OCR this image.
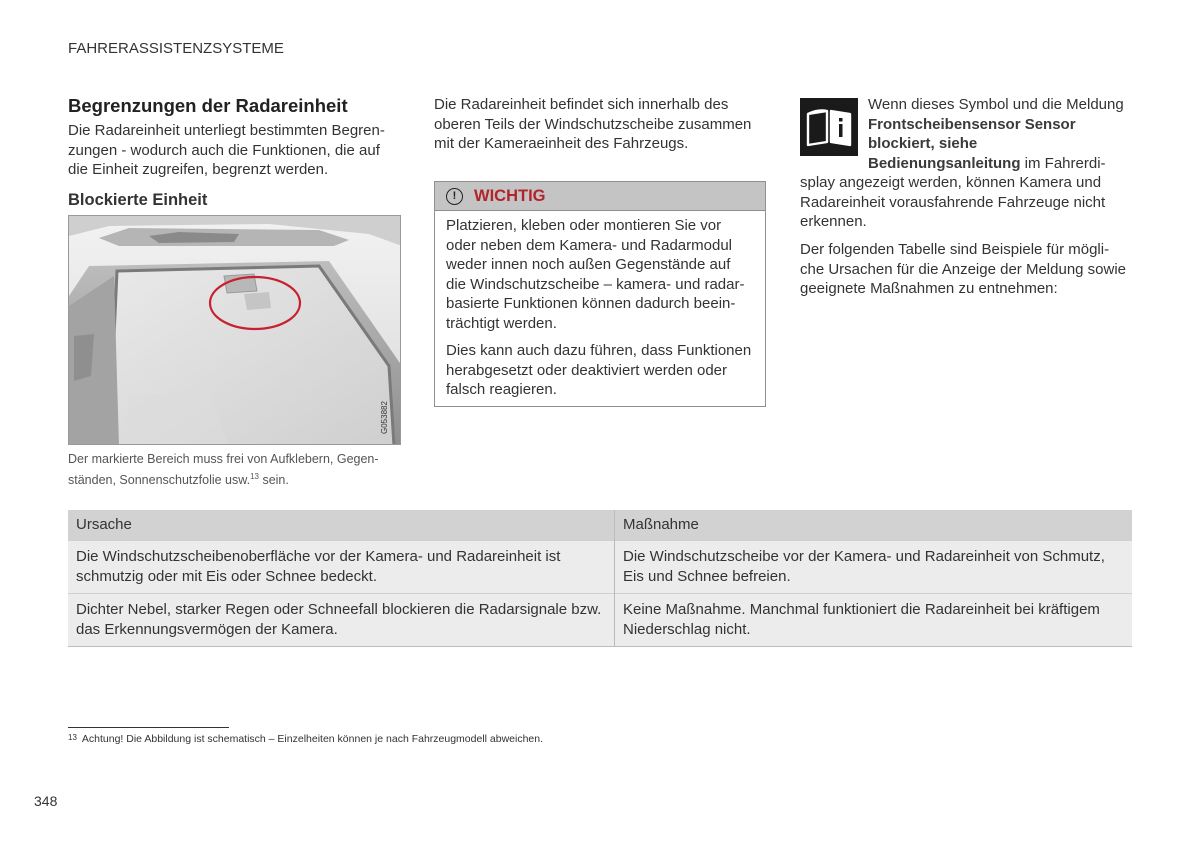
FAHRERASSISTENZSYSTEME
Begrenzungen der Radareinheit

Die Radareinheit unterliegt bestimmten Begren-
zungen - wodurch auch die Funktionen, die auf
die Einheit zugreifen, begrenzt werden.

Blockierte Einheit
G053882
Der markierte Bereich muss frei von Aufklebern, Gegen-
ständen, Sonnenschutzfolie usw.$^{13}$ sein.

Die Radareinheit befindet sich innerhalb des
oberen Teils der Windschutzscheibe zusammen
mit der Kameraeinheit des Fahrzeugs.

!	WICHTIG

Platzieren, kleben oder montieren Sie vor
oder neben dem Kamera- und Radarmodul
weder innen noch außen Gegenstände auf
die Windschutzscheibe – kamera- und radar-
basierte Funktionen können dadurch beein-
trächtigt werden.

Dies kann auch dazu führen, dass Funktionen
herabgesetzt oder deaktiviert werden oder
falsch reagieren.

Wenn dieses Symbol und die Meldung
Frontscheibensensor Sensor
blockiert, siehe
Bedienungsanleitung im Fahrerdi-

splay angezeigt werden, können Kamera und
Radareinheit vorausfahrende Fahrzeuge nicht
erkennen.

Der folgenden Tabelle sind Beispiele für mögli-
che Ursachen für die Anzeige der Meldung sowie
geeignete Maßnahmen zu entnehmen:

Ursache	Maßnahme
Die Windschutzscheibenoberfläche vor der Kamera- und Radareinheit ist
schmutzig oder mit Eis oder Schnee bedeckt.	Die Windschutzscheibe vor der Kamera- und Radareinheit von Schmutz,
Eis und Schnee befreien.
Dichter Nebel, starker Regen oder Schneefall blockieren die Radarsignale bzw.
das Erkennungsvermögen der Kamera.	Keine Maßnahme. Manchmal funktioniert die Radareinheit bei kräftigem
Niederschlag nicht.
13 Achtung! Die Abbildung ist schematisch – Einzelheiten können je nach Fahrzeugmodell abweichen.
348
